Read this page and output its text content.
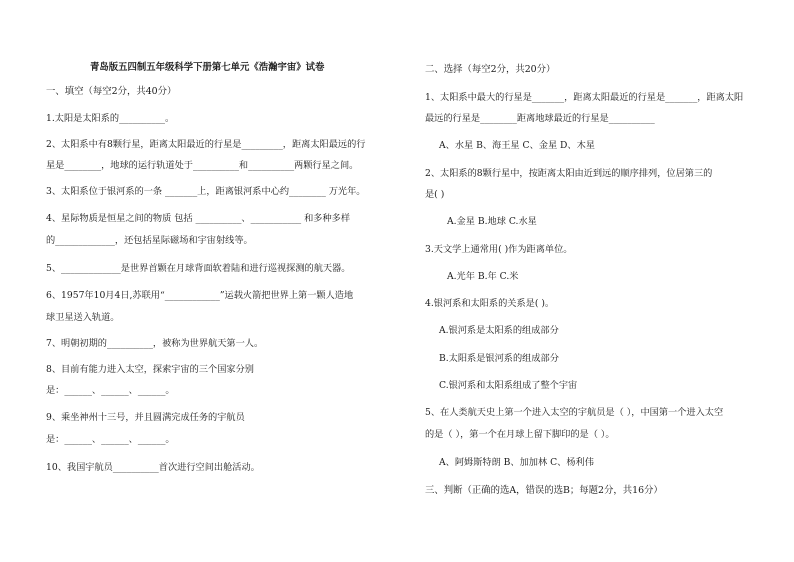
青岛版五四制五年级科学下册第七单元《浩瀚宇宙》试卷
一、填空（每空2分，共40分）
1.太阳是太阳系的__________。
2、太阳系中有8颗行星，距离太阳最近的行星是_________，距离太阳最远的行
星是________，地球的运行轨道处于__________和__________两颗行星之间。
3、太阳系位于银河系的一条 _______上，距离银河系中心约________ 万光年。
4、星际物质是恒星之间的物质 包括 __________、___________ 和多种多样
的_____________，还包括星际磁场和宇宙射线等。
5、_____________是世界首颗在月球背面软着陆和进行巡视探测的航天器。
6、1957年10月4日,苏联用“____________”运载火箭把世界上第一颗人造地
球卫星送入轨道。
7、明朝初期的__________，被称为世界航天第一人。
8、目前有能力进入太空，探索宇宙的三个国家分别
是：______、______、______。
9、乘坐神州十三号，并且圆满完成任务的宇航员
是：______、______、______。
10、我国宇航员__________首次进行空间出舱活动。
二、选择（每空2分，共20分）
1、太阳系中最大的行星是_______，距离太阳最近的行星是_______，距离太阳
最远的行星是________距离地球最近的行星是__________
A、水星 B、海王星 C、金星 D、木星
2、太阳系的8颗行星中，按距离太阳由近到远的顺序排列，位居第三的
是( )
A.金星 B.地球 C.水星
3.天文学上通常用( )作为距离单位。
A.光年 B.年 C.米
4.银河系和太阳系的关系是( )。
A.银河系是太阳系的组成部分
B.太阳系是银河系的组成部分
C.银河系和太阳系组成了整个宇宙
5、在人类航天史上第一个进入太空的宇航员是（ ），中国第一个进入太空
的是（ ），第一个在月球上留下脚印的是（ ）。
A、阿姆斯特朗 B、加加林 C、杨利伟
三、判断（正确的选A，错误的选B；每题2分，共16分）
